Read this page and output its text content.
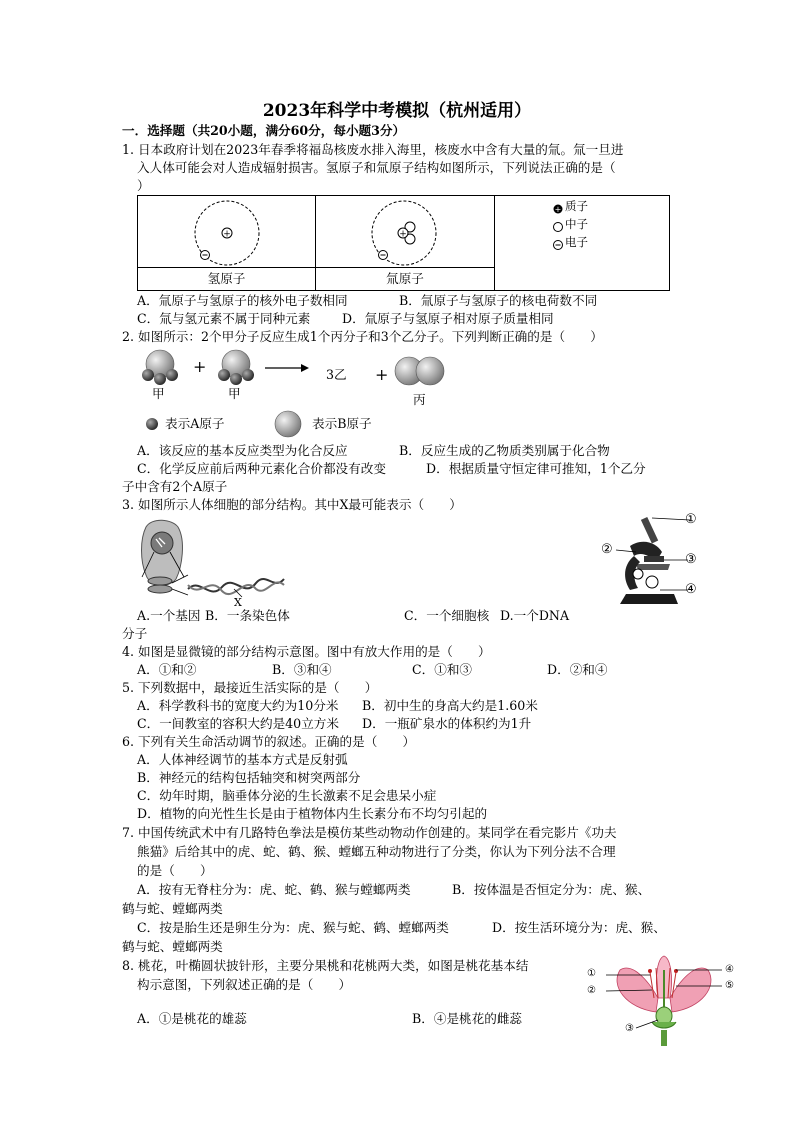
2023年科学中考模拟（杭州适用）
一．选择题（共20小题，满分60分，每小题3分）
1. 日本政府计划在2023年春季将福岛核废水排入海里，核废水中含有大量的氚。氚一旦进
入人体可能会对人造成辐射损害。氢原子和氚原子结构如图所示，下列说法正确的是（
）
+
氢原子

+
氚原子

+ 质子
中子
电子
A．氚原子与氢原子的核外电子数相同	B．氚原子与氢原子的核电荷数不同
C．氚与氢元素不属于同种元素	D．氚原子与氢原子相对原子质量相同
2. 如图所示：2个甲分子反应生成1个丙分子和3个乙分子。下列判断正确的是（　　）
+	+
3乙
甲	甲	丙
表示A原子	表示B原子
A．该反应的基本反应类型为化合反应	B．反应生成的乙物质类别属于化合物
C．化学反应前后两种元素化合价都没有改变	D．根据质量守恒定律可推知，1个乙分
子中含有2个A原子
3. 如图所示人体细胞的部分结构。其中X最可能表示（　　）
X
①
②
③
④
A.一个基因 B．一条染色体	C．一个细胞核 D.一个DNA
分子
4. 如图是显微镜的部分结构示意图。图中有放大作用的是（　　）
A．①和②	B．③和④	C．①和③	D．②和④
5. 下列数据中，最接近生活实际的是（　　）
A．科学教科书的宽度大约为10分米 B．初中生的身高大约是1.60米
C．一间教室的容积大约是40立方米 D．一瓶矿泉水的体积约为1升
6. 下列有关生命活动调节的叙述。正确的是（　　）
A．人体神经调节的基本方式是反射弧
B．神经元的结构包括轴突和树突两部分
C．幼年时期，脑垂体分泌的生长激素不足会患呆小症
D．植物的向光性生长是由于植物体内生长素分布不均匀引起的
7. 中国传统武术中有几路特色拳法是模仿某些动物动作创建的。某同学在看完影片《功夫
熊猫》后给其中的虎、蛇、鹤、猴、螳螂五种动物进行了分类，你认为下列分法不合理
的是（　　）
A．按有无脊柱分为：虎、蛇、鹤、猴与螳螂两类	B．按体温是否恒定分为：虎、猴、
鹤与蛇、螳螂两类
C．按是胎生还是卵生分为：虎、猴与蛇、鹤、螳螂两类	D．按生活环境分为：虎、猴、
鹤与蛇、螳螂两类
8. 桃花，叶椭圆状披针形，主要分果桃和花桃两大类，如图是桃花基本结
构示意图，下列叙述正确的是（　　）
A．①是桃花的雄蕊	B．④是桃花的雌蕊
①
②
③
④
⑤
